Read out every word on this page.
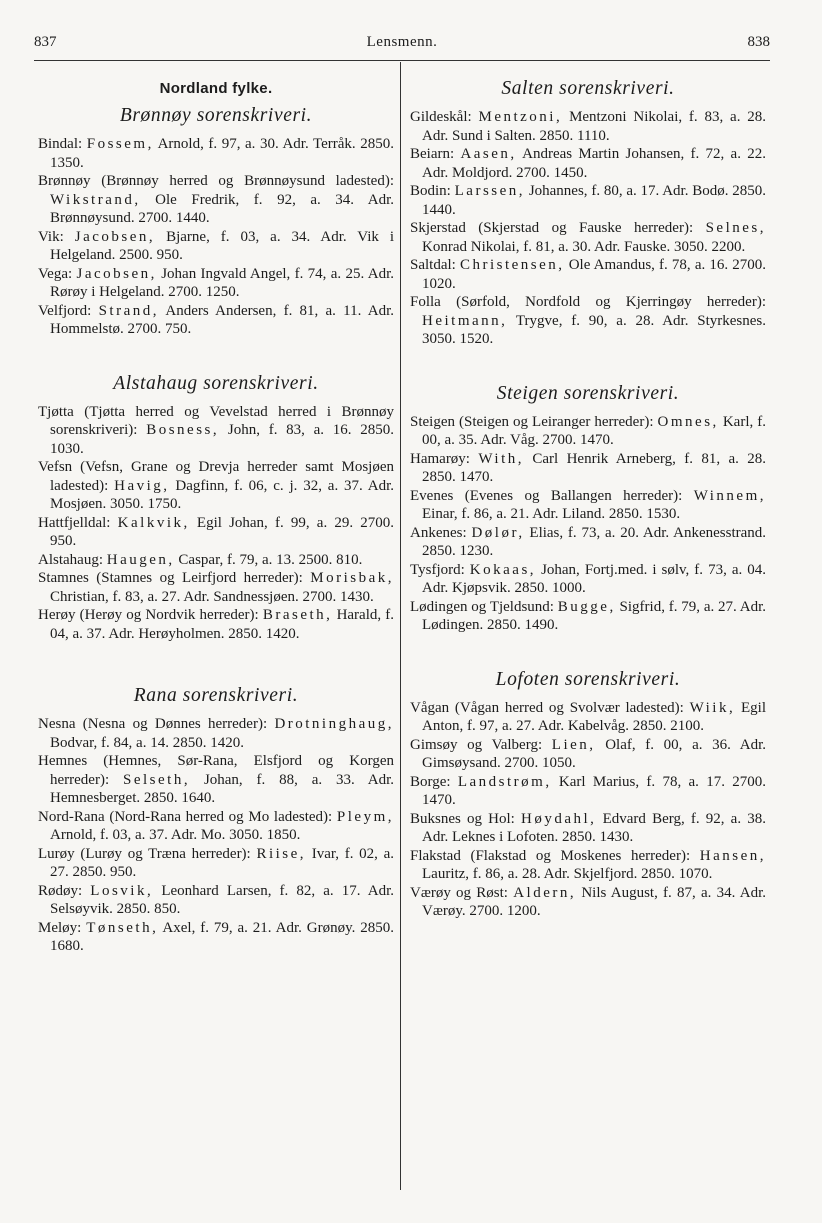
837	Lensmenn.	838
Nordland fylke.
Brønnøy sorenskriveri.

Bindal: Fossem, Arnold, f. 97, a. 30. Adr. Terråk. 2850. 1350.

Brønnøy (Brønnøy herred og Brønnøysund ladested): Wikstrand, Ole Fredrik, f. 92, a. 34. Adr. Brønnøysund. 2700. 1440.

Vik: Jacobsen, Bjarne, f. 03, a. 34. Adr. Vik i Helgeland. 2500. 950.

Vega: Jacobsen, Johan Ingvald Angel, f. 74, a. 25. Adr. Rørøy i Helgeland. 2700. 1250.

Velfjord: Strand, Anders Andersen, f. 81, a. 11. Adr. Hommelstø. 2700. 750.

Alstahaug sorenskriveri.

Tjøtta (Tjøtta herred og Vevelstad herred i Brønnøy sorenskriveri): Bosness, John, f. 83, a. 16. 2850. 1030.

Vefsn (Vefsn, Grane og Drevja herreder samt Mosjøen ladested): Havig, Dagfinn, f. 06, c. j. 32, a. 37. Adr. Mosjøen. 3050. 1750.

Hattfjelldal: Kalkvik, Egil Johan, f. 99, a. 29. 2700. 950.

Alstahaug: Haugen, Caspar, f. 79, a. 13. 2500. 810.

Stamnes (Stamnes og Leirfjord herreder): Morisbak, Christian, f. 83, a. 27. Adr. Sandnessjøen. 2700. 1430.

Herøy (Herøy og Nordvik herreder): Braseth, Harald, f. 04, a. 37. Adr. Herøyholmen. 2850. 1420.

Rana sorenskriveri.

Nesna (Nesna og Dønnes herreder): Drotninghaug, Bodvar, f. 84, a. 14. 2850. 1420.

Hemnes (Hemnes, Sør-Rana, Elsfjord og Korgen herreder): Selseth, Johan, f. 88, a. 33. Adr. Hemnesberget. 2850. 1640.

Nord-Rana (Nord-Rana herred og Mo ladested): Pleym, Arnold, f. 03, a. 37. Adr. Mo. 3050. 1850.

Lurøy (Lurøy og Træna herreder): Riise, Ivar, f. 02, a. 27. 2850. 950.

Rødøy: Losvik, Leonhard Larsen, f. 82, a. 17. Adr. Selsøyvik. 2850. 850.

Meløy: Tønseth, Axel, f. 79, a. 21. Adr. Grønøy. 2850. 1680.

Salten sorenskriveri.

Gildeskål: Mentzoni, Mentzoni Nikolai, f. 83, a. 28. Adr. Sund i Salten. 2850. 1110.

Beiarn: Aasen, Andreas Martin Johansen, f. 72, a. 22. Adr. Moldjord. 2700. 1450.

Bodin: Larssen, Johannes, f. 80, a. 17. Adr. Bodø. 2850. 1440.

Skjerstad (Skjerstad og Fauske herreder): Selnes, Konrad Nikolai, f. 81, a. 30. Adr. Fauske. 3050. 2200.

Saltdal: Christensen, Ole Amandus, f. 78, a. 16. 2700. 1020.

Folla (Sørfold, Nordfold og Kjerringøy herreder): Heitmann, Trygve, f. 90, a. 28. Adr. Styrkesnes. 3050. 1520.

Steigen sorenskriveri.

Steigen (Steigen og Leiranger herreder): Omnes, Karl, f. 00, a. 35. Adr. Våg. 2700. 1470.

Hamarøy: With, Carl Henrik Arneberg, f. 81, a. 28. 2850. 1470.

Evenes (Evenes og Ballangen herreder): Winnem, Einar, f. 86, a. 21. Adr. Liland. 2850. 1530.

Ankenes: Dølør, Elias, f. 73, a. 20. Adr. Ankenesstrand. 2850. 1230.

Tysfjord: Kokaas, Johan, Fortj.med. i sølv, f. 73, a. 04. Adr. Kjøpsvik. 2850. 1000.

Lødingen og Tjeldsund: Bugge, Sigfrid, f. 79, a. 27. Adr. Lødingen. 2850. 1490.

Lofoten sorenskriveri.

Vågan (Vågan herred og Svolvær ladested): Wiik, Egil Anton, f. 97, a. 27. Adr. Kabelvåg. 2850. 2100.

Gimsøy og Valberg: Lien, Olaf, f. 00, a. 36. Adr. Gimsøysand. 2700. 1050.

Borge: Landstrøm, Karl Marius, f. 78, a. 17. 2700. 1470.

Buksnes og Hol: Høydahl, Edvard Berg, f. 92, a. 38. Adr. Leknes i Lofoten. 2850. 1430.

Flakstad (Flakstad og Moskenes herreder): Hansen, Lauritz, f. 86, a. 28. Adr. Skjelfjord. 2850. 1070.

Værøy og Røst: Aldern, Nils August, f. 87, a. 34. Adr. Værøy. 2700. 1200.
